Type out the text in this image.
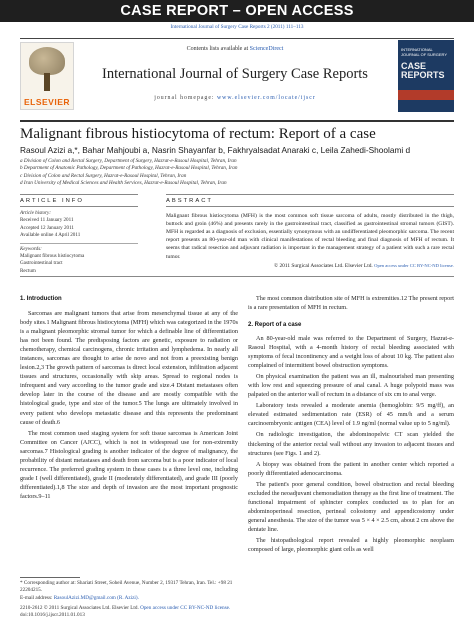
CASE REPORT – OPEN ACCESS
International Journal of Surgery Case Reports 2 (2011) 111–113
ELSEVIER
Contents lists available at ScienceDirect
International Journal of Surgery Case Reports
journal homepage: www.elsevier.com/locate/ijscr
INTERNATIONAL JOURNAL OF SURGERY
CASE REPORTS
Malignant fibrous histiocytoma of rectum: Report of a case
Rasoul Azizi a,*, Bahar Mahjoubi a, Nasrin Shayanfar b, Fakhryalsadat Anaraki c, Leila Zahedi-Shoolami d
a Division of Colon and Rectal Surgery, Department of Surgery, Hazrat-e-Rasoul Hospital, Tehran, Iran
b Department of Anatomic Pathology, Department of Pathology, Hazrat-e-Rasoul Hospital, Tehran, Iran
c Division of Colon and Rectal Surgery, Hazrat-e-Rasoul Hospital, Tehran, Iran
d Iran University of Medical Sciences and Health Services, Hazrat-e-Rasoul Hospital, Tehran, Iran
ARTICLE INFO	ABSTRACT
Article history:
Received 11 January 2011
Accepted 12 January 2011
Available online 4 April 2011
Keywords:
Malignant fibrous histiocytoma
Gastrointestinal tract
Rectum
Malignant fibrous histiocytoma (MFH) is the most common soft tissue sarcoma of adults, mostly distributed in the thigh, buttock and groin (46%) and presents rarely in the gastrointestinal tract, classified as gastrointestinal stromal tumors (GIST). MFH is regarded as a diagnosis of exclusion, essentially synonymous with an undifferentiated pleomorphic sarcoma. The recent report presents an 80-year-old man with clinical manifestations of rectal bleeding and final diagnosis of MFH of rectum. It seems that radical resection and adjuvant radiation is important in the management strategy of a patient with such a rare rectal tumor.
© 2011 Surgical Associates Ltd. Elsevier Ltd. Open access under CC BY-NC-ND license.
1. Introduction

Sarcomas are malignant tumors that arise from mesenchymal tissue at any of the body sites.1 Malignant fibrous histiocytoma (MFH) which was categorized in the 1970s is a malignant pleomorphic stromal tumor for which a definable line of differentiation has not been found. The predisposing factors are genetic, exposure to radiation or chemotherapy, chemical carcinogens, chronic irritation and lymphedema. In nearly all instances, sarcomas are thought to arise de novo and not from a preexisting benign lesion.2,3 The growth pattern of sarcomas is direct local extension, infiltration adjacent tissues and structures, occasionally with skip areas. Spread to regional nodes is infrequent and vary according to the tumor grade and size.4 Distant metastases often develop later in the course of the disease and are mostly compatible with the histological grade, type and size of the tumor.5 The lungs are ultimately involved in every patient who develops metastatic disease and this represents the predominant cause of death.6

The most common used staging system for soft tissue sarcomas is American Joint Committee on Cancer (AJCC), which is not in widespread use for non-extremity sarcomas.7 Histological grading is another indicator of the degree of malignancy, the probability of distant metastases and death from sarcoma but is a poor indicator of local recurrence. The preferred grading system in these cases is a three level one, including grade I (well differentiated), grade II (moderately differentiated), and grade III (poorly differentiated).1,8 The size and depth of invasion are the most important prognostic factors.9–11

The most common distribution site of MFH is extremities.12 The present report is a rare presentation of MFH in rectum.

2. Report of a case

An 80-year-old male was referred to the Department of Surgery, Hazrat-e-Rasoul Hospital, with a 4-month history of rectal bleeding associated with symptoms of fecal incontinency and a weight loss of about 10 kg. The patient also complained of intermittent bowel obstruction symptoms.

On physical examination the patient was an ill, malnourished man presenting with low rest and squeezing pressure of anal canal. A huge polypoid mass was palpated on the anterior wall of rectum in a distance of six cm to anal verge.

Laboratory tests revealed a moderate anemia (hemoglobin: 9/5 mg/ff), an elevated estimated sedimentation rate (ESR) of 45 mm/h and a serum carcinoembryonic antigen (CEA) level of 1.9 ng/ml (normal value up to 5 ng/ml).

On radiologic investigation, the abdominopelvic CT scan yielded the thickening of the anterior rectal wall without any invasion to adjacent tissues and structures (see Figs. 1 and 2).

A biopsy was obtained from the patient in another center which reported a poorly differentiated adenocarcinoma.

The patient's poor general condition, bowel obstruction and rectal bleeding excluded the neoadjuvant chemoradiation therapy as the first line of treatment. The functional impairment of sphincter complex conducted us to plan for an abdominoperineal resection, perineal colostomy and appendicostomy under general anesthesia. The size of the tumor was 5 × 4 × 2.5 cm, about 2 cm above the dentate line.

The histopathological report revealed a highly pleomorphic neoplasm composed of large, pleomorphic giant cells as well

* Corresponding author at: Shariati Street, Soheil Avenue, Number 2, 19317 Tehran, Iran. Tel.: +98 21 22204215.
E-mail address: RasoulAzizi.MD@gmail.com (R. Azizi).
2210-2612 © 2011 Surgical Associates Ltd. Elsevier Ltd. Open access under CC BY-NC-ND license.
doi:10.1016/j.ijscr.2011.01.013
